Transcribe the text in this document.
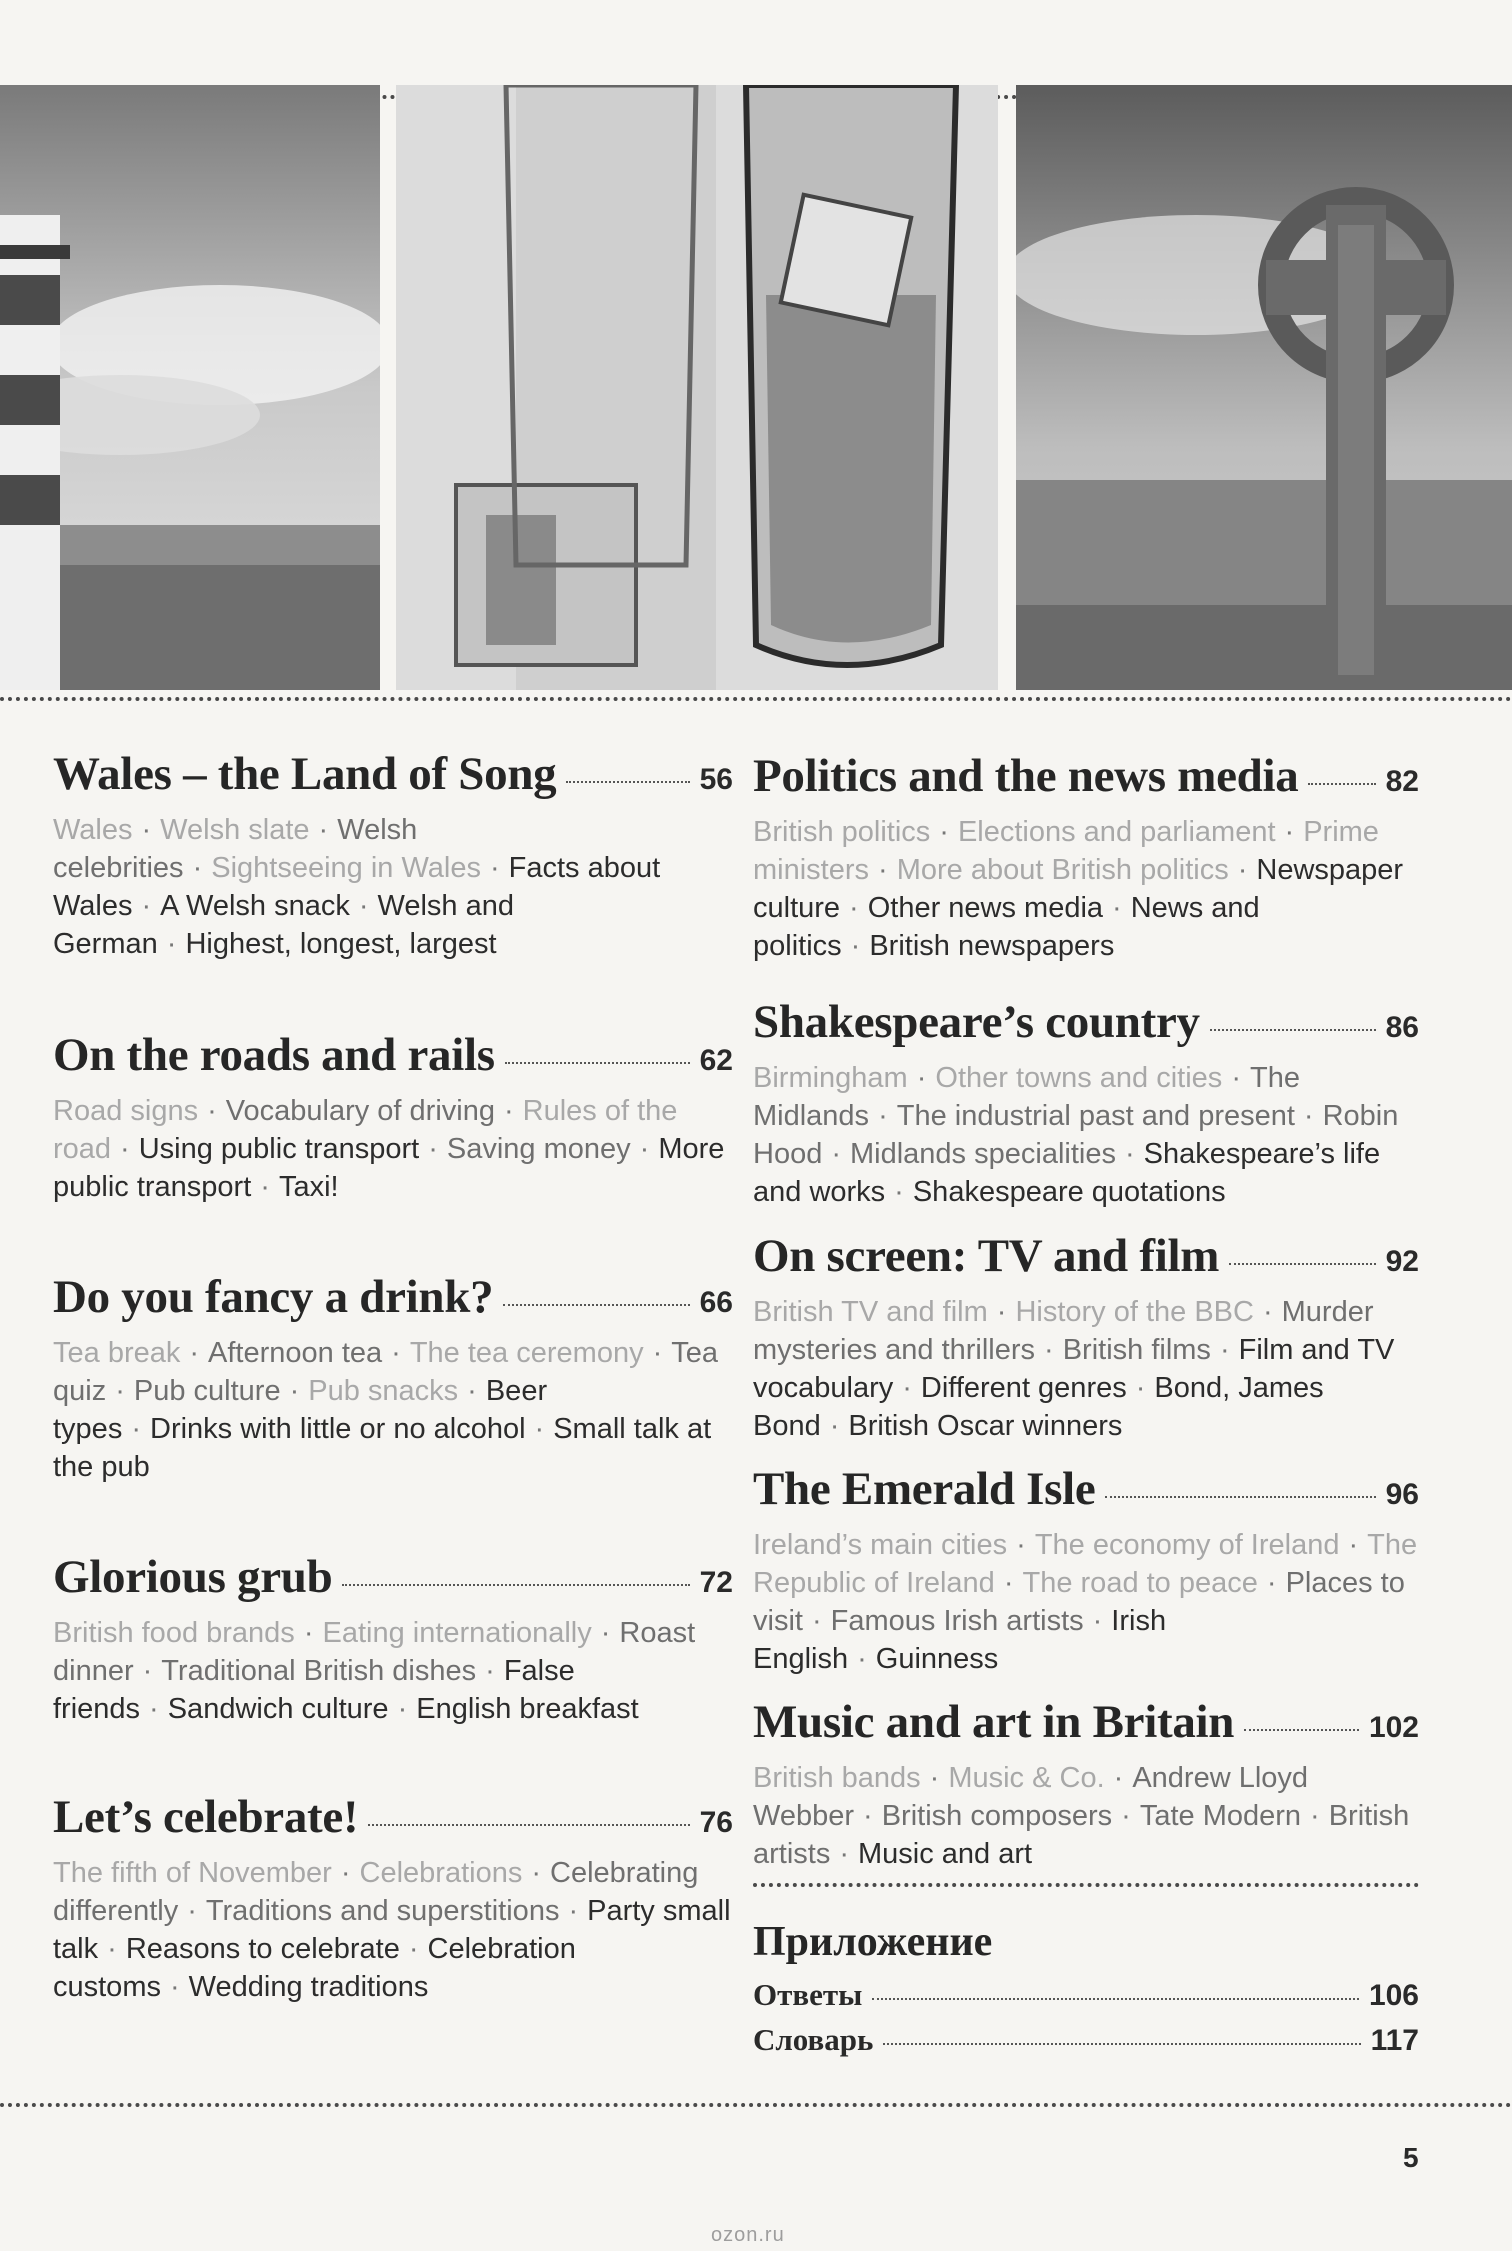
Wales – the Land of Song	56
Wales · Welsh slate · Welsh celebrities · Sightseeing in Wales · Facts about Wales · A Welsh snack · Welsh and German · Highest, longest, largest
On the roads and rails	62
Road signs · Vocabulary of driving · Rules of the road · Using public transport · Saving money · More public transport · Taxi!
Do you fancy a drink?	66
Tea break · Afternoon tea · The tea ceremony · Tea quiz · Pub culture · Pub snacks · Beer types · Drinks with little or no alcohol · Small talk at the pub
Glorious grub	72
British food brands · Eating internationally · Roast dinner · Traditional British dishes · False friends · Sandwich culture · English breakfast
Let’s celebrate!	76
The fifth of November · Celebrations · Celebrating differently · Traditions and superstitions · Party small talk · Reasons to celebrate · Celebration customs · Wedding traditions
Politics and the news media	82
British politics · Elections and parliament · Prime ministers · More about British politics · Newspaper culture · Other news media · News and politics · British newspapers
Shakespeare’s country	86
Birmingham · Other towns and cities · The Midlands · The industrial past and present · Robin Hood · Midlands specialities · Shakespeare’s life and works · Shakespeare quotations
On screen: TV and film	92
British TV and film · History of the BBC · Murder mysteries and thrillers · British films · Film and TV vocabulary · Different genres · Bond, James Bond · British Oscar winners
The Emerald Isle	96
Ireland’s main cities · The economy of Ireland · The Republic of Ireland · The road to peace · Places to visit · Famous Irish artists · Irish English · Guinness
Music and art in Britain	102
British bands · Music & Co. · Andrew Lloyd Webber · British composers · Tate Modern · British artists · Music and art
Приложение
Ответы	106
Словарь	117
5
ozon.ru
